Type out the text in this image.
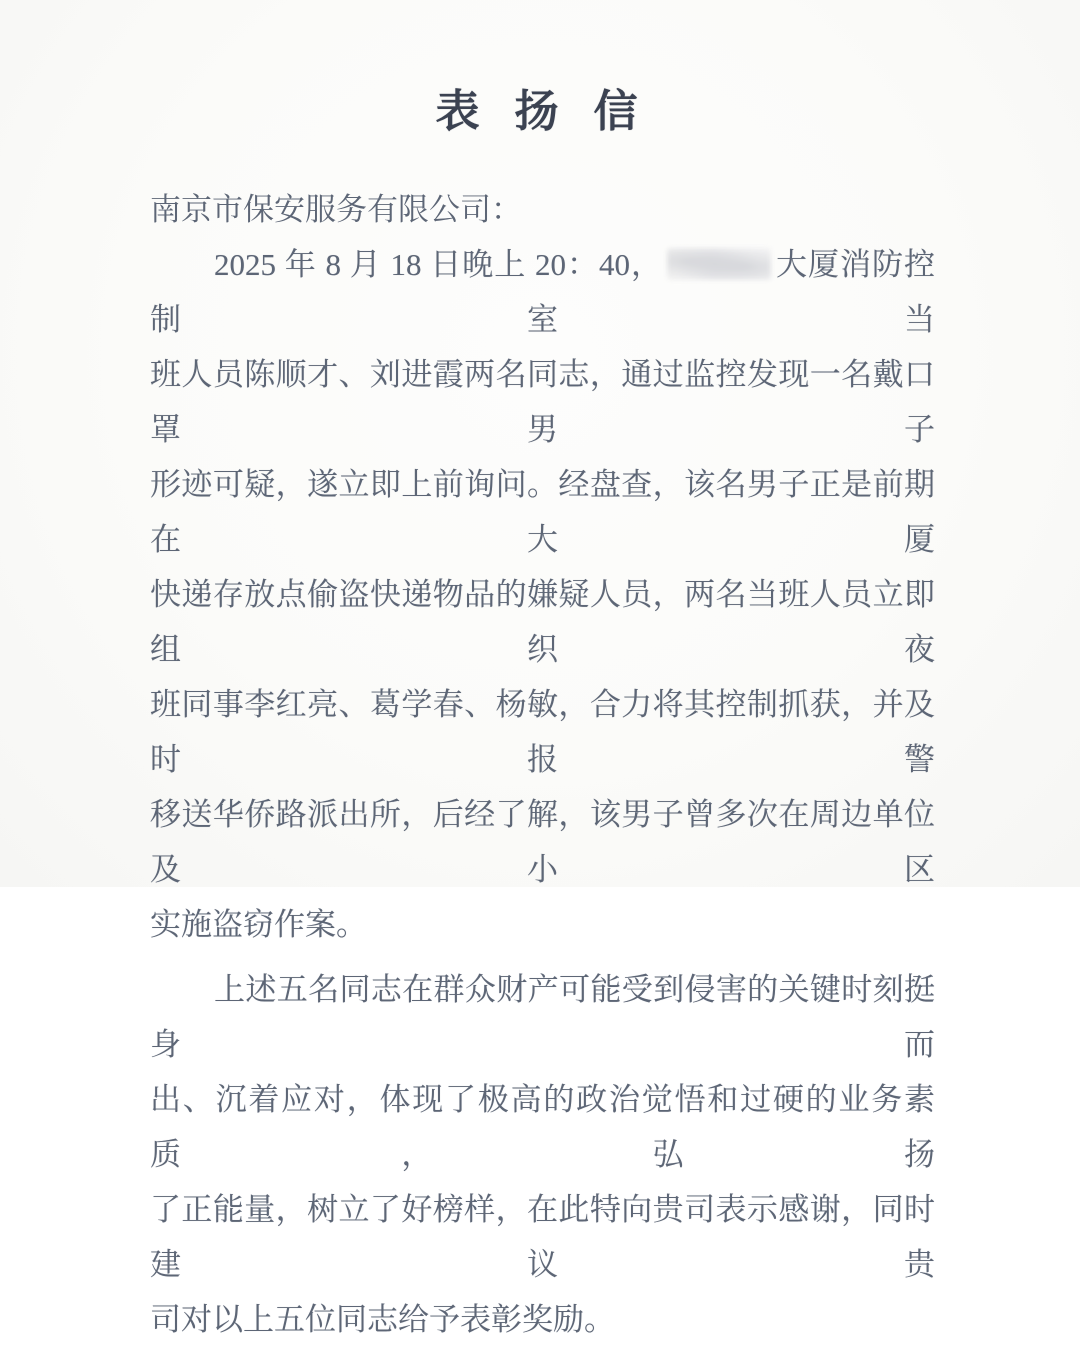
表 扬 信
南京市保安服务有限公司：
2025 年 8 月 18 日晚上 20：40，	大厦消防控制室当
班人员陈顺才、刘进霞两名同志，通过监控发现一名戴口罩男子
形迹可疑，遂立即上前询问。经盘查，该名男子正是前期在大厦
快递存放点偷盗快递物品的嫌疑人员，两名当班人员立即组织夜
班同事李红亮、葛学春、杨敏，合力将其控制抓获，并及时报警
移送华侨路派出所，后经了解，该男子曾多次在周边单位及小区
实施盗窃作案。
上述五名同志在群众财产可能受到侵害的关键时刻挺身而
出、沉着应对，体现了极高的政治觉悟和过硬的业务素质，弘扬
了正能量，树立了好榜样，在此特向贵司表示感谢，同时建议贵
司对以上五位同志给予表彰奖励。
